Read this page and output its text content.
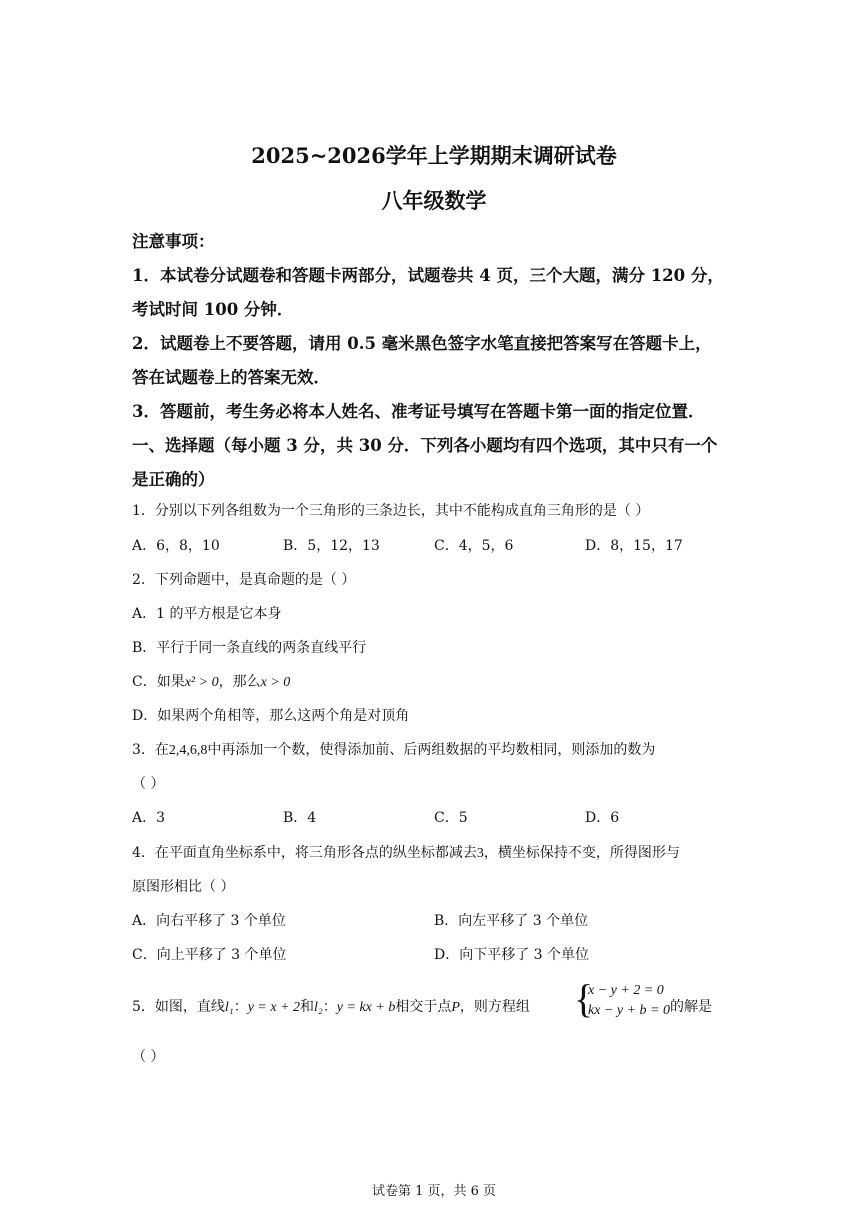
2025~2026学年上学期期末调研试卷
八年级数学
注意事项：
1．本试卷分试题卷和答题卡两部分，试题卷共 4 页，三个大题，满分 120 分，
考试时间 100 分钟．
2．试题卷上不要答题，请用 0.5 毫米黑色签字水笔直接把答案写在答题卡上，
答在试题卷上的答案无效．
3．答题前，考生务必将本人姓名、准考证号填写在答题卡第一面的指定位置．
一、选择题（每小题 3 分，共 30 分．下列各小题均有四个选项，其中只有一个
是正确的）
1．分别以下列各组数为一个三角形的三条边长，其中不能构成直角三角形的是（ ）
A．6，8，10	B．5，12，13	C．4，5，6	D．8，15，17
2．下列命题中，是真命题的是（ ）
A．1 的平方根是它本身
B．平行于同一条直线的两条直线平行
C．如果x² > 0，那么x > 0
D．如果两个角相等，那么这两个角是对顶角
3．在2,4,6,8中再添加一个数，使得添加前、后两组数据的平均数相同，则添加的数为
（ ）
A．3	B．4	C．5	D．6
4．在平面直角坐标系中，将三角形各点的纵坐标都减去3，横坐标保持不变，所得图形与
原图形相比（ ）
A．向右平移了 3 个单位	B．向左平移了 3 个单位
C．向上平移了 3 个单位	D．向下平移了 3 个单位
5．如图，直线l₁：y = x + 2和l₂：y = kx + b相交于点P，则方程组 {
x − y + 2 = 0
kx − y + b = 0 的解是
（ ）
试卷第 1 页，共 6 页
